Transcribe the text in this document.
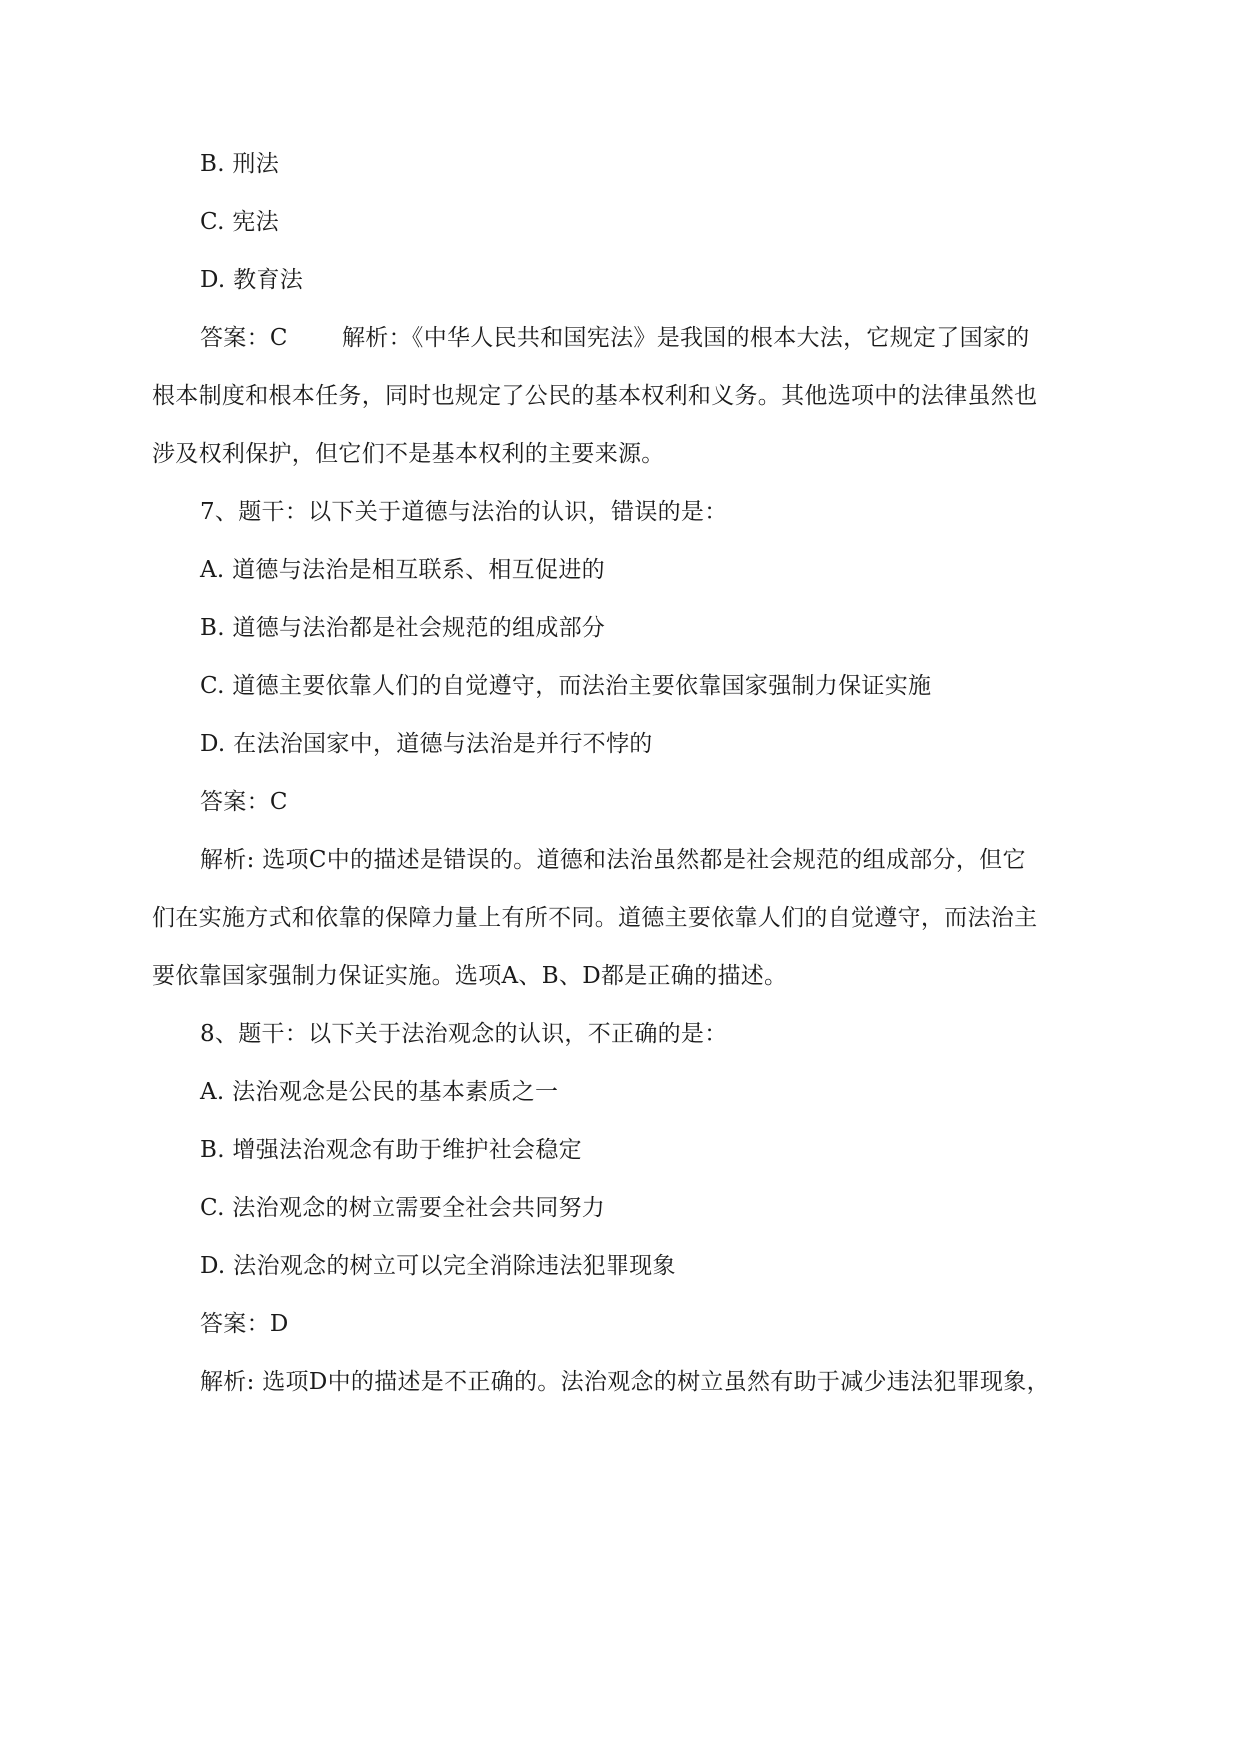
B. 刑法
C. 宪法
D. 教育法
答案：C 　　解析：《中华人民共和国宪法》是我国的根本大法，它规定了国家的
根本制度和根本任务，同时也规定了公民的基本权利和义务。其他选项中的法律虽然也
涉及权利保护，但它们不是基本权利的主要来源。
7、题干：以下关于道德与法治的认识，错误的是：
A. 道德与法治是相互联系、相互促进的
B. 道德与法治都是社会规范的组成部分
C. 道德主要依靠人们的自觉遵守，而法治主要依靠国家强制力保证实施
D. 在法治国家中，道德与法治是并行不悖的
答案：C
解析: 选项C中的描述是错误的。道德和法治虽然都是社会规范的组成部分，但它
们在实施方式和依靠的保障力量上有所不同。道德主要依靠人们的自觉遵守，而法治主
要依靠国家强制力保证实施。选项A、B、D都是正确的描述。
8、题干：以下关于法治观念的认识，不正确的是：
A. 法治观念是公民的基本素质之一
B. 增强法治观念有助于维护社会稳定
C. 法治观念的树立需要全社会共同努力
D. 法治观念的树立可以完全消除违法犯罪现象
答案：D
解析: 选项D中的描述是不正确的。法治观念的树立虽然有助于减少违法犯罪现象，
